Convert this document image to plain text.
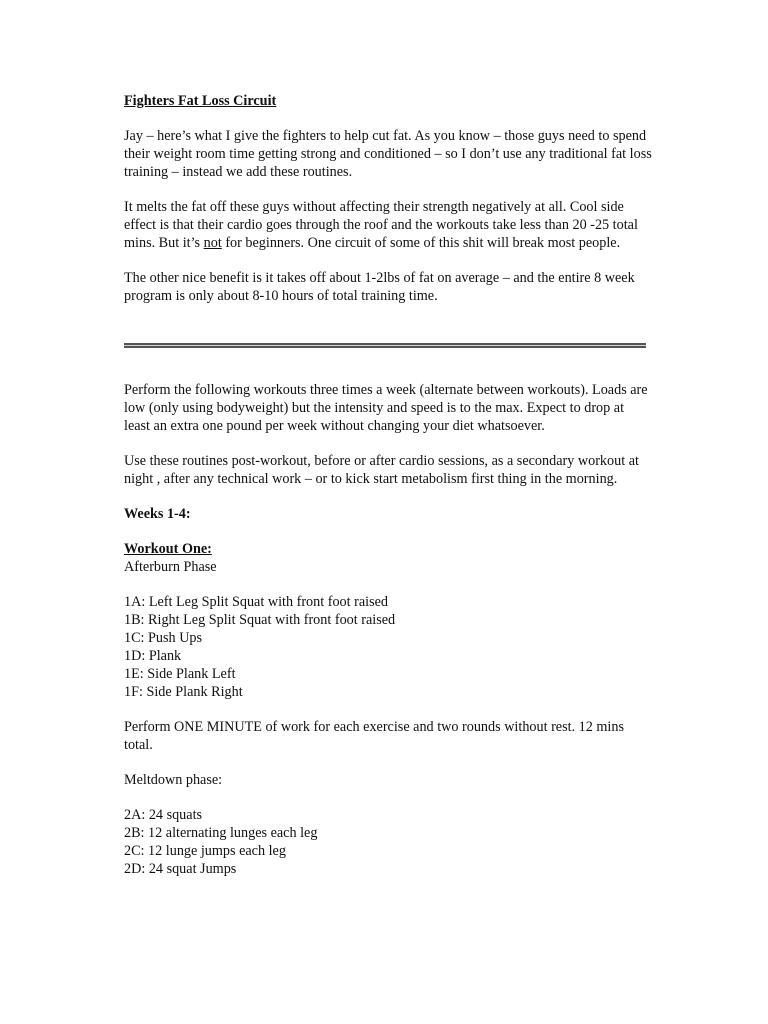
Fighters Fat Loss Circuit

Jay – here’s what I give the fighters to help cut fat. As you know – those guys need to spend their weight room time getting strong and conditioned – so I don’t use any traditional fat loss training – instead we add these routines.

It melts the fat off these guys without affecting their strength negatively at all. Cool side effect is that their cardio goes through the roof and the workouts take less than 20 -25 total mins. But it’s not for beginners. One circuit of some of this shit will break most people.

The other nice benefit is it takes off about 1-2lbs of fat on average – and the entire 8 week program is only about 8-10 hours of total training time.

Perform the following workouts three times a week (alternate between workouts). Loads are low (only using bodyweight) but the intensity and speed is to the max. Expect to drop at least an extra one pound per week without changing your diet whatsoever.

Use these routines post-workout, before or after cardio sessions, as a secondary workout at night , after any technical work – or to kick start metabolism first thing in the morning.

Weeks 1-4:
Workout One:
Afterburn Phase
1A: Left Leg Split Squat with front foot raised
1B: Right Leg Split Squat with front foot raised
1C: Push Ups
1D: Plank
1E: Side Plank Left
1F: Side Plank Right

Perform ONE MINUTE of work for each exercise and two rounds without rest. 12 mins total.

Meltdown phase:

2A: 24 squats
2B: 12 alternating lunges each leg
2C: 12 lunge jumps each leg
2D: 24 squat Jumps
